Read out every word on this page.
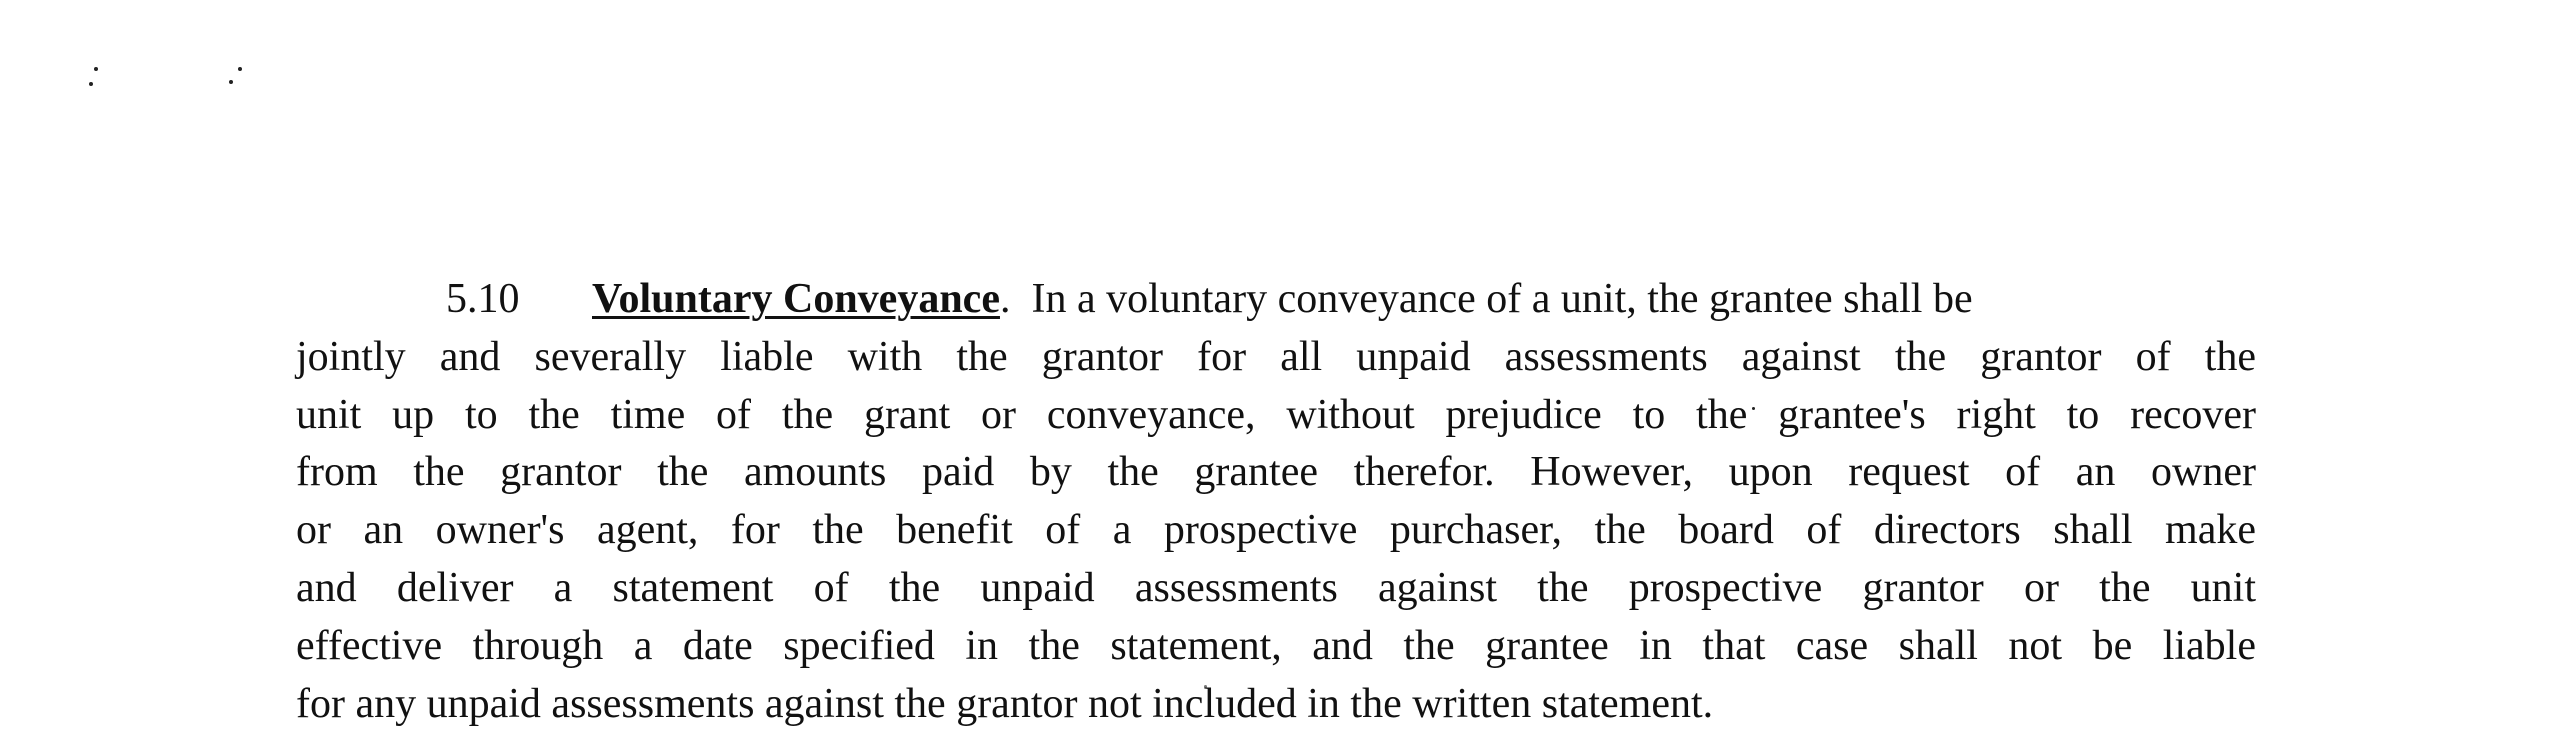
5.10 Voluntary Conveyance. In a voluntary conveyance of a unit, the grantee shall be
jointly and severally liable with the grantor for all unpaid assessments against the grantor of the
unit up to the time of the grant or conveyance, without prejudice to the grantee's right to recover
from the grantor the amounts paid by the grantee therefor. However, upon request of an owner
or an owner's agent, for the benefit of a prospective purchaser, the board of directors shall make
and deliver a statement of the unpaid assessments against the prospective grantor or the unit
effective through a date specified in the statement, and the grantee in that case shall not be liable
for any unpaid assessments against the grantor not included in the written statement.
